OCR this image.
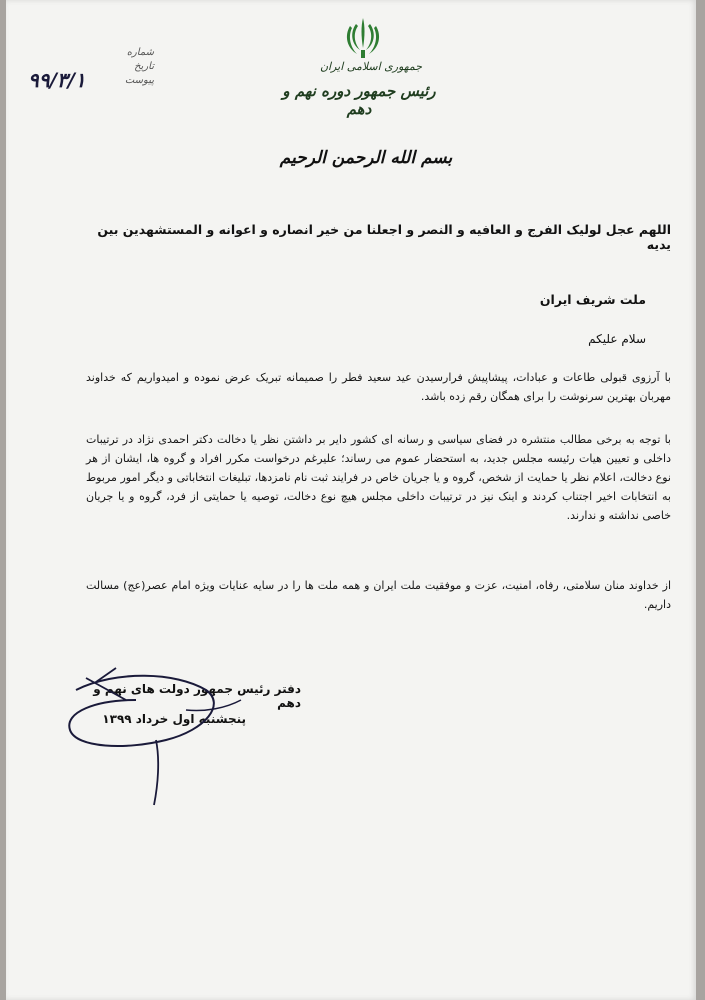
جمهوری اسلامی ایران
رئیس جمهور دوره نهم و دهم
شماره
تاریخ
پیوست
۹۹/۳/۱
بسم الله الرحمن الرحیم
اللهم عجل لولیک الفرج و العافیه و النصر و اجعلنا من خیر انصاره و اعوانه و المستشهدین بین یدیه
ملت شریف ایران
سلام علیکم
با آرزوی قبولی طاعات و عبادات، پیشاپیش فرارسیدن عید سعید فطر را صمیمانه تبریک عرض نموده و امیدواریم که خداوند مهربان بهترین سرنوشت را برای همگان رقم زده باشد.
با توجه به برخی مطالب منتشره در فضای سیاسی و رسانه ای کشور دایر بر داشتن نظر یا دخالت دکتر احمدی نژاد در ترتیبات داخلی و تعیین هیات رئیسه مجلس جدید، به استحضار عموم می رساند؛ علیرغم درخواست مکرر افراد و گروه ها، ایشان از هر نوع دخالت، اعلام نظر یا حمایت از شخص، گروه و یا جریان خاص در فرایند ثبت نام نامزدها، تبلیغات انتخاباتی و دیگر امور مربوط به انتخابات اخیر اجتناب کردند و اینک نیز در ترتیبات داخلی مجلس هیچ نوع دخالت، توصیه یا حمایتی از فرد، گروه و یا جریان خاصی نداشته و ندارند.
از خداوند منان سلامتی، رفاه، امنیت، عزت و موفقیت ملت ایران و همه ملت ها را در سایه عنایات ویژه امام عصر(عج) مسالت داریم.
دفتر رئیس جمهور دولت های نهم و دهم
پنجشنبه اول خرداد ۱۳۹۹
